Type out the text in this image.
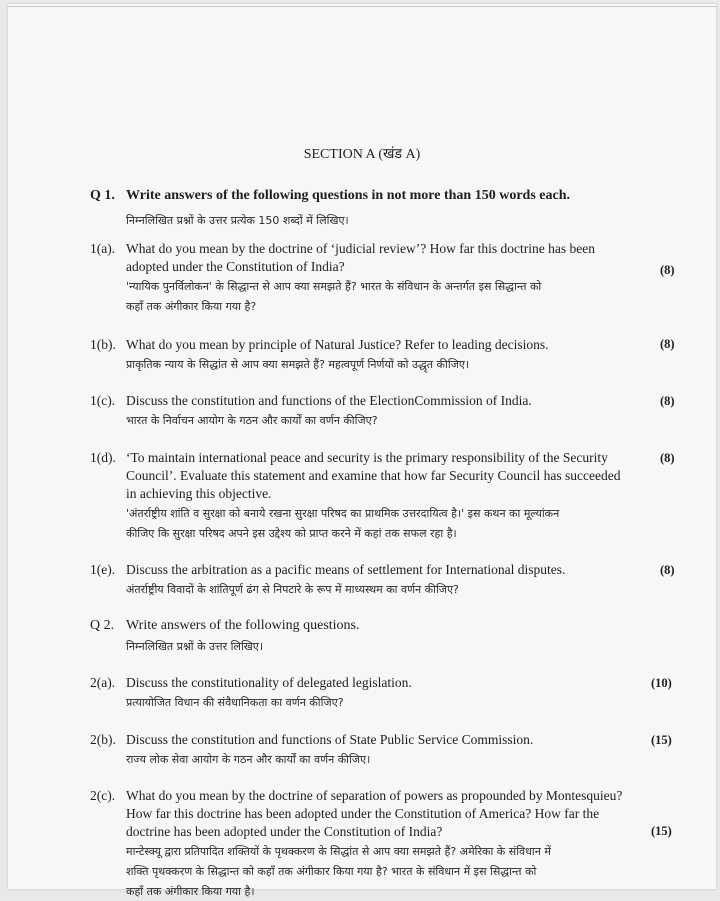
SECTION A (खंड A)
Q 1. Write answers of the following questions in not more than 150 words each.
निम्नलिखित प्रश्नों के उत्तर प्रत्येक 150 शब्दों में लिखिए।
1(a). What do you mean by the doctrine of ‘judicial review’? How far this doctrine has been
adopted under the Constitution of India?
'न्यायिक पुनर्विलोकन' के सिद्धान्त से आप क्या समझते हैं? भारत के संविधान के अन्तर्गत इस सिद्धान्त को
कहाँ तक अंगीकार किया गया है?
(8)
1(b). What do you mean by principle of Natural Justice? Refer to leading decisions.
प्राकृतिक न्याय के सिद्धांत से आप क्या समझते हैं? महत्वपूर्ण निर्णयों को उद्धृत कीजिए।
(8)
1(c). Discuss the constitution and functions of the ElectionCommission of India.
भारत के निर्वाचन आयोग के गठन और कार्यों का वर्णन कीजिए?
(8)
1(d). ‘To maintain international peace and security is the primary responsibility of the Security
Council’. Evaluate this statement and examine that how far Security Council has succeeded
in achieving this objective.
'अंतर्राष्ट्रीय शांति व सुरक्षा को बनाये रखना सुरक्षा परिषद का प्राथमिक उत्तरदायित्व है।' इस कथन का मूल्यांकन
कीजिए कि सुरक्षा परिषद अपने इस उद्देश्य को प्राप्त करने में कहां तक सफल रहा है।
(8)
1(e). Discuss the arbitration as a pacific means of settlement for International disputes.
अंतर्राष्ट्रीय विवादों के शांतिपूर्ण ढंग से निपटारे के रूप में माध्यस्थम का वर्णन कीजिए?
(8)
Q 2. Write answers of the following questions.
निम्नलिखित प्रश्नों के उत्तर लिखिए।
2(a). Discuss the constitutionality of delegated legislation.
प्रत्यायोजित विधान की संवैधानिकता का वर्णन कीजिए?
(10)
2(b). Discuss the constitution and functions of State Public Service Commission.
राज्य लोक सेवा आयोग के गठन और कार्यों का वर्णन कीजिए।
(15)
2(c). What do you mean by the doctrine of separation of powers as propounded by Montesquieu?
How far this doctrine has been adopted under the Constitution of America? How far the
doctrine has been adopted under the Constitution of India?
मान्टेस्क्यू द्वारा प्रतिपादित शक्तियों के पृथक्करण के सिद्धांत से आप क्या समझते हैं? अमेरिका के संविधान में
शक्ति पृथक्करण के सिद्धान्त को कहाँ तक अंगीकार किया गया है? भारत के संविधान में इस सिद्धान्त को
कहाँ तक अंगीकार किया गया है।
(15)
